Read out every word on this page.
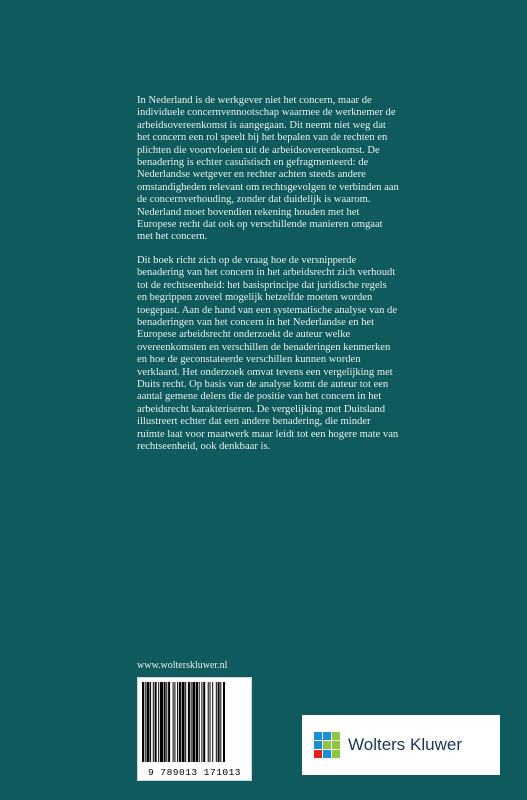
In Nederland is de werkgever niet het concern, maar de individuele concernvennootschap waarmee de werknemer de arbeidsovereenkomst is aangegaan. Dit neemt niet weg dat het concern een rol speelt bij het bepalen van de rechten en plichten die voortvloeien uit de arbeidsovereenkomst. De benadering is echter casuïstisch en gefragmenteerd: de Nederlandse wetgever en rechter achten steeds andere omstandigheden relevant om rechtsgevolgen te verbinden aan de concernverhouding, zonder dat duidelijk is waarom. Nederland moet bovendien rekening houden met het Europese recht dat ook op verschillende manieren omgaat met het concern.
Dit boek richt zich op de vraag hoe de versnipperde benadering van het concern in het arbeidsrecht zich verhoudt tot de rechtseenheid: het basisprincipe dat juridische regels en begrippen zoveel mogelijk hetzelfde moeten worden toegepast. Aan de hand van een systematische analyse van de benaderingen van het concern in het Nederlandse en het Europese arbeidsrecht onderzoekt de auteur welke overeenkomsten en verschillen de benaderingen kenmerken en hoe de geconstateerde verschillen kunnen worden verklaard. Het onderzoek omvat tevens een vergelijking met Duits recht. Op basis van de analyse komt de auteur tot een aantal gemene delers die de positie van het concern in het arbeidsrecht karakteriseren. De vergelijking met Duitsland illustreert echter dat een andere benadering, die minder ruimte laat voor maatwerk maar leidt tot een hogere mate van rechtseenheid, ook denkbaar is.
www.wolterskluwer.nl
9 789013 171013
Wolters Kluwer
